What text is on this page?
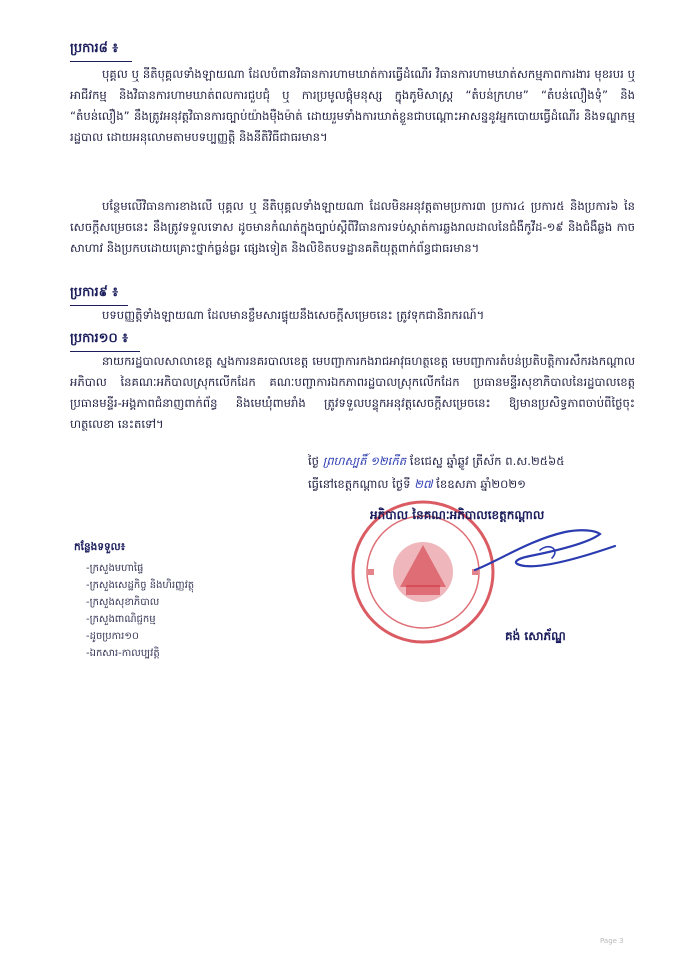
ប្រការ៨ ៖
បុគ្គល ឬ នីតិបុគ្គលទាំងឡាយណា ដែលបំពានវិធានការហាមឃាត់ការធ្វើដំណើរ វិធានការហាមឃាត់សកម្មភាពការងារ មុខរបរ ឬ អាជីវកម្ម និងវិធានការហាមឃាត់ពលការជួបជុំ ឬ ការប្រមូលផ្តុំមនុស្ស ក្នុងភូមិសាស្ត្រ “តំបន់ក្រហម” “តំបន់លឿងទុំ” និង “តំបន់លឿង” នឹងត្រូវអនុវត្តវិធានការច្បាប់យ៉ាងម៉ឺងម៉ាត់ ដោយរួមទាំងការឃាត់ខ្លួនជាបណ្ដោះអាសន្ននូវអ្នកបោយធ្វើដំណើរ និងទណ្ឌកម្មរដ្ឋបាល ដោយអនុលោមតាមបទប្បញ្ញត្តិ និងនីតិវិធីជាធរមាន។
បន្ថែមលើវិធានការខាងលើ បុគ្គល ឬ នីតិបុគ្គលទាំងឡាយណា ដែលមិនអនុវត្តតាមប្រការ៣ ប្រការ៤ ប្រការ៥ និងប្រការ៦ នៃសេចក្តីសម្រេចនេះ នឹងត្រូវទទួលទោស ដូចមានកំណត់ក្នុងច្បាប់ស្តីពីវិធានការទប់ស្កាត់ការឆ្លងរាលដាលនៃជំងឺកូវីដ-១៩ និងជំងឺឆ្លង កាចសាហាវ និងប្រកបដោយគ្រោះថ្នាក់ធ្ងន់ធ្ងរ ផ្សេងទៀត និងលិខិតបទដ្ឋានគតិយុត្តពាក់ព័ន្ធជាធរមាន។
ប្រការ៩ ៖
បទបញ្ញត្តិទាំងឡាយណា ដែលមានខ្លឹមសារផ្ទុយនឹងសេចក្តីសម្រេចនេះ ត្រូវទុកជានិរាករណ៍។
ប្រការ១០ ៖
នាយករដ្ឋបាលសាលាខេត្ត ស្នងការនគរបាលខេត្ត មេបញ្ជាការកងរាជអាវុធហត្ថខេត្ត មេបញ្ជាការតំបន់ប្រតិបត្តិការសឹករងកណ្តាល អភិបាល នៃគណៈអភិបាលស្រុកលើកដែក គណៈបញ្ជាការឯកភាពរដ្ឋបាលស្រុកលើកដែក ប្រធានមន្ទីរសុខាភិបាលនៃរដ្ឋបាលខេត្ត ប្រធានមន្ទីរ-អង្គភាពជំនាញពាក់ព័ន្ធ និងមេឃុំពាមរាំង ត្រូវទទួលបន្ទុកអនុវត្តសេចក្តីសម្រេចនេះ ឱ្យមានប្រសិទ្ធភាពចាប់ពីថ្ងៃចុះហត្ថលេខា នេះតទៅ។
ថ្ងៃ ព្រហស្បតិ៍ ១២កើត ខែជេស្ឋ ឆ្នាំឆ្លូវ ត្រីស័ក ព.ស.២៥៦៥
ធ្វើនៅខេត្តកណ្តាល ថ្ងៃទី ២៧ ខែឧសភា ឆ្នាំ២០២១
អភិបាល នៃគណៈអភិបាលខេត្តកណ្តាល
គង់ សោភ័ណ្ឌ
កន្លែងទទួល៖
-ក្រសួងមហាផ្ទៃ
-ក្រសួងសេដ្ឋកិច្ច និងហិរញ្ញវត្ថុ
-ក្រសួងសុខាភិបាល
-ក្រសួងពាណិជ្ជកម្ម
-ដូចប្រការ១០
-ឯកសារ-កាលប្បវត្តិ
Page 3
